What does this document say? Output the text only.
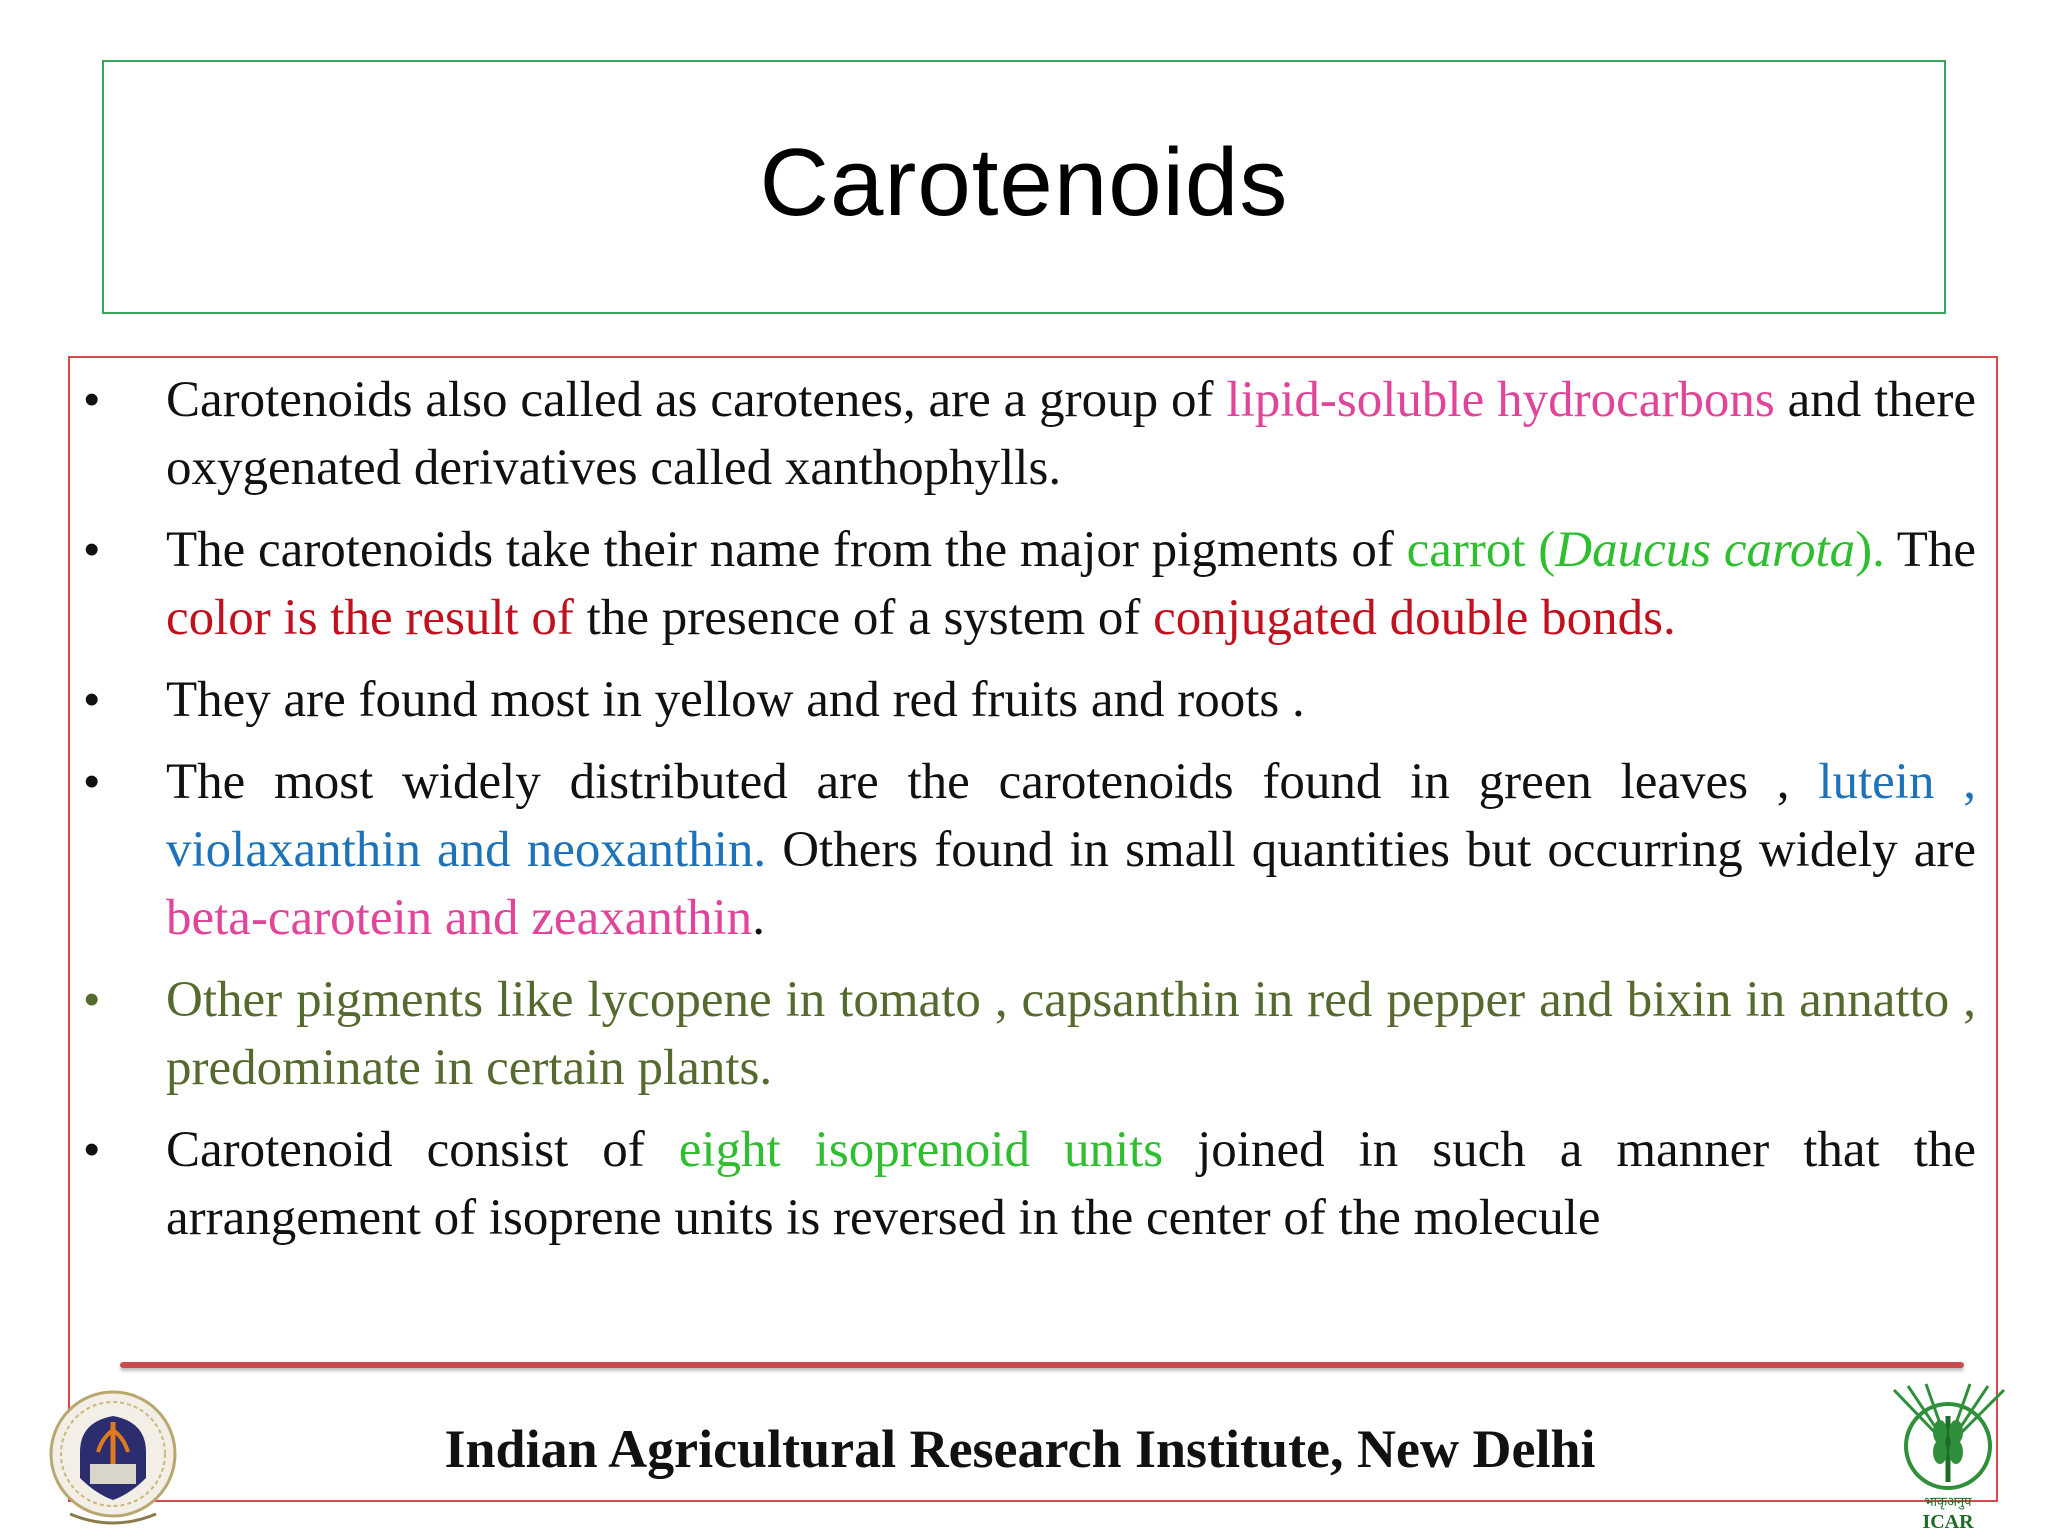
Carotenoids
• Carotenoids also called as carotenes, are a group of lipid-soluble hydrocarbons and there oxygenated derivatives called xanthophylls.
• The carotenoids take their name from the major pigments of carrot (Daucus carota). The color is the result of the presence of a system of conjugated double bonds.
• They are found most in yellow and red fruits and roots .
• The most widely distributed are the carotenoids found in green leaves , lutein , violaxanthin and neoxanthin. Others found in small quantities but occurring widely are beta-carotein and zeaxanthin.
• Other pigments like lycopene in tomato , capsanthin in red pepper and bixin in annatto , predominate in certain plants.
• Carotenoid consist of eight isoprenoid units joined in such a manner that the arrangement of isoprene units is reversed in the center of the molecule
Indian Agricultural Research Institute, New Delhi
भाकृअनुप
ICAR
